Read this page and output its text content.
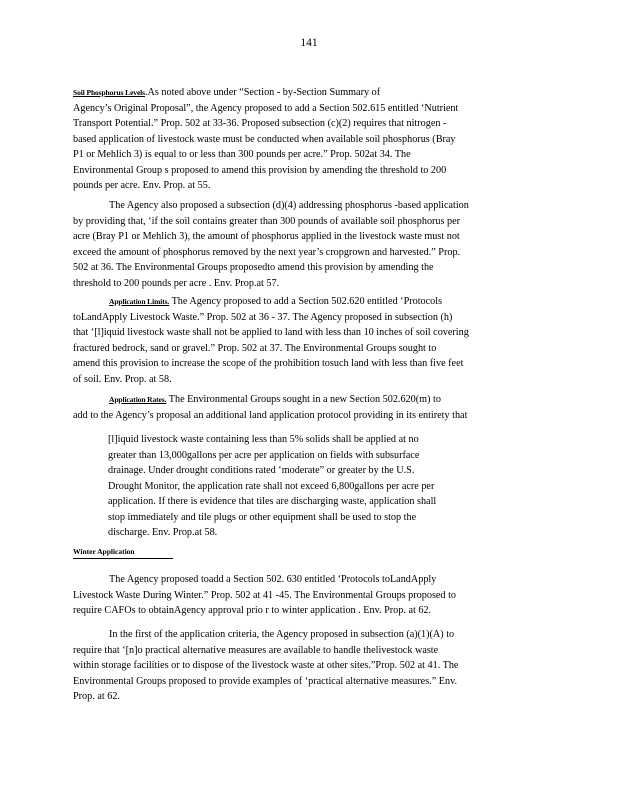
141
Soil Phosphorus Levels.As noted above under “Section - by-Section Summary of
Agency’s Original Proposal”, the Agency proposed to add a Section 502.615 entitled ‘Nutrient
Transport Potential.” Prop. 502 at 33-36. Proposed subsection (c)(2) requires that nitrogen -
based application of livestock waste must be conducted when available soil phosphorus (Bray
P1 or Mehlich 3) is equal to or less than 300 pounds per acre.” Prop. 502at 34. The
Environmental Group s proposed to amend this provision by amending the threshold to 200
pounds per acre. Env. Prop. at 55.
The Agency also proposed a subsection (d)(4) addressing phosphorus -based application
by providing that, ‘if the soil contains greater than 300 pounds of available soil phosphorus per
acre (Bray P1 or Mehlich 3), the amount of phosphorus applied in the livestock waste must not
exceed the amount of phosphorus removed by the next year’s cropgrown and harvested.” Prop.
502 at 36. The Environmental Groups proposedto amend this provision by amending the
threshold to 200 pounds per acre . Env. Prop.at 57.
Application Limits. The Agency proposed to add a Section 502.620 entitled ‘Protocols
toLandApply Livestock Waste.” Prop. 502 at 36 - 37. The Agency proposed in subsection (h)
that ‘[l]iquid livestock waste shall not be applied to land with less than 10 inches of soil covering
fractured bedrock, sand or gravel.” Prop. 502 at 37. The Environmental Groups sought to
amend this provision to increase the scope of the prohibition tosuch land with less than five feet
of soil. Env. Prop. at 58.
Application Rates. The Environmental Groups sought in a new Section 502.620(m) to
add to the Agency’s proposal an additional land application protocol providing in its entirety that
[l]iquid livestock waste containing less than 5% solids shall be applied at no
greater than 13,000gallons per acre per application on fields with subsurface
drainage. Under drought conditions rated ‘moderate” or greater by the U.S.
Drought Monitor, the application rate shall not exceed 6,800gallons per acre per
application. If there is evidence that tiles are discharging waste, application shall
stop immediately and tile plugs or other equipment shall be used to stop the
discharge. Env. Prop.at 58.
Winter Application
The Agency proposed toadd a Section 502. 630 entitled ‘Protocols toLandApply
Livestock Waste During Winter.” Prop. 502 at 41 -45. The Environmental Groups proposed to
require CAFOs to obtainAgency approval prio r to winter application . Env. Prop. at 62.
In the first of the application criteria, the Agency proposed in subsection (a)(1)(A) to
require that ‘[n]o practical alternative measures are available to handle thelivestock waste
within storage facilities or to dispose of the livestock waste at other sites.”Prop. 502 at 41. The
Environmental Groups proposed to provide examples of ‘practical alternative measures.” Env.
Prop. at 62.
